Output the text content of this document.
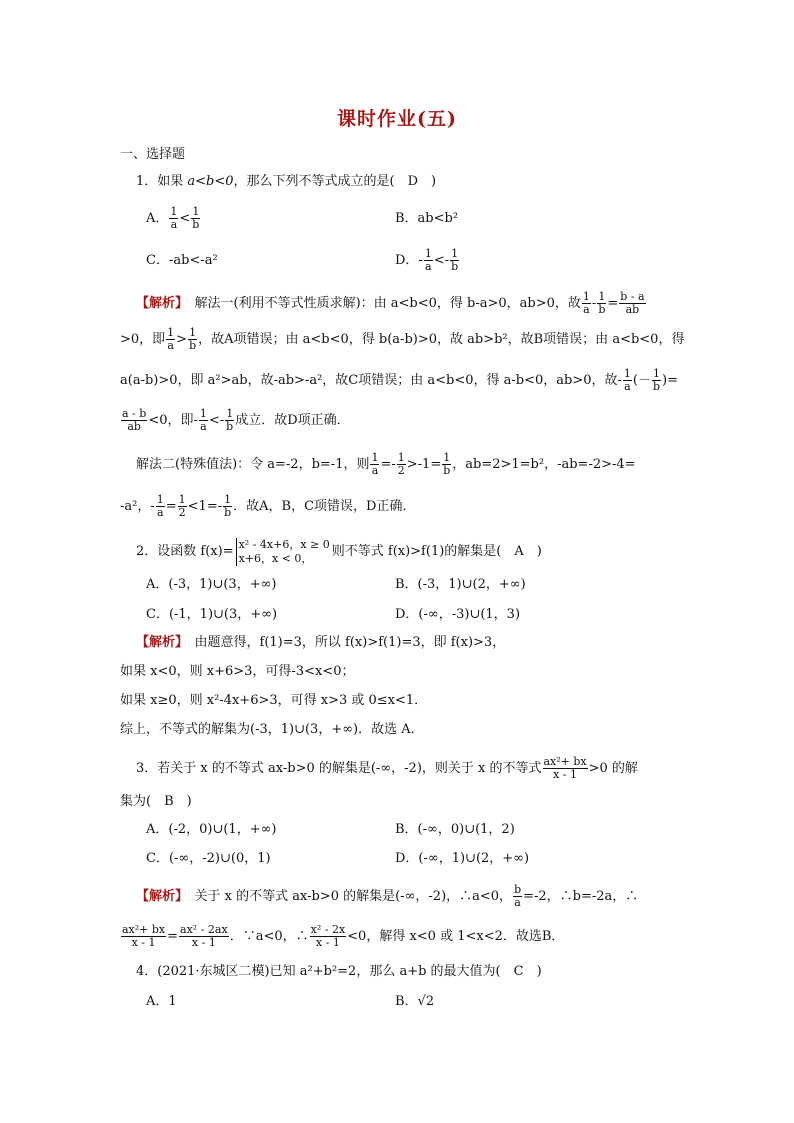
课时作业(五)
一、选择题
1．如果 a<b<0，那么下列不等式成立的是(　D　)
A． $\frac{1}{a} < \frac{1}{b}$	B．ab<b²
C．-ab<-a²	D．- $\frac{1}{a} <- \frac{1}{b}$
【解析】　解法一(利用不等式性质求解)：由 a<b<0，得 b-a>0，ab>0，故 $\frac{1}{a} - \frac{1}{b} = \frac{b - a}{ab}$
>0，即 $\frac{1}{a} > \frac{1}{b}$ ，故A项错误；由 a<b<0，得 b(a-b)>0，故 ab>b²，故B项错误；由 a<b<0，得
a(a-b)>0，即 a²>ab，故-ab>-a²，故C项错误；由 a<b<0，得 a-b<0，ab>0，故- $\frac{1}{a}$ (－ $\frac{1}{b}$ )=
$\frac{a - b}{ab} <0$，即- $\frac{1}{a} <- \frac{1}{b}$ 成立．故D项正确．
解法二(特殊值法)：令 a=-2，b=-1，则 $\frac{1}{a} =- \frac{1}{2} >-1= \frac{1}{b}$ ，ab=2>1=b²，-ab=-2>-4=
-a²，- $\frac{1}{a} = \frac{1}{2} <1=- \frac{1}{b}$ ．故A，B，C项错误，D正确．
2．设函数 f(x)= x² - 4x+6，x ≥ 0
x+6，x < 0，	则不等式 f(x)>f(1)的解集是(　A　)
A．(-3，1)∪(3，+∞)	B．(-3，1)∪(2，+∞)
C．(-1，1)∪(3，+∞)	D．(-∞，-3)∪(1，3)
【解析】　由题意得，f(1)=3，所以 f(x)>f(1)=3，即 f(x)>3，
如果 x<0，则 x+6>3，可得-3<x<0；
如果 x≥0，则 x²-4x+6>3，可得 x>3 或 0≤x<1．
综上，不等式的解集为(-3，1)∪(3，+∞)．故选 A．
3．若关于 x 的不等式 ax-b>0 的解集是(-∞，-2)，则关于 x 的不等式 $\frac{\text{ax²+ bx}}{x - 1} >0$ 的解
集为(　B　)
A．(-2，0)∪(1，+∞)	B．(-∞，0)∪(1，2)
C．(-∞，-2)∪(0，1)	D．(-∞，1)∪(2，+∞)
【解析】　关于 x 的不等式 ax-b>0 的解集是(-∞，-2)，∴a<0， $\frac{b}{a} =-2$，∴b=-2a，∴
$\frac{\text{ax²+ bx}}{x - 1} = \frac{\text{ax² - 2ax}}{x - 1}$ ．∵a<0，∴ $\frac{\text{x² - 2x}}{x - 1} <0$，解得 x<0 或 1<x<2．故选B．
4．(2021·东城区二模)已知 a²+b²=2，那么 a+b 的最大值为(　C　)
A．1	B．√2
